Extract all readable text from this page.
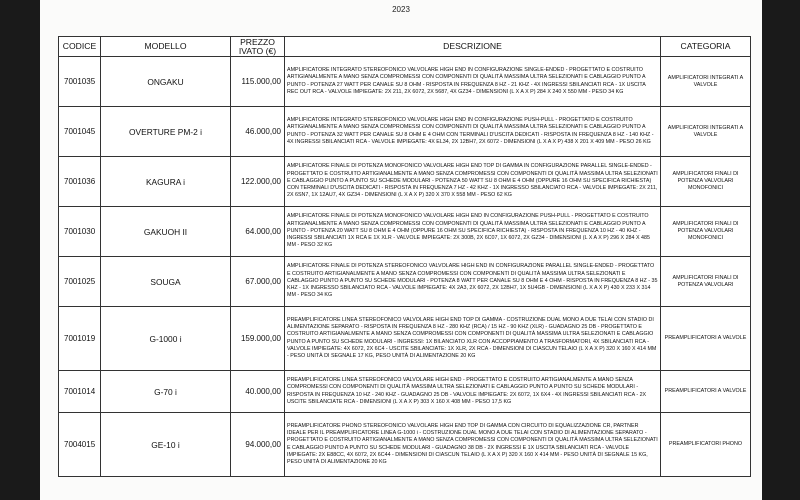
2023
CODICE	MODELLO	PREZZO IVATO (€)	DESCRIZIONE	CATEGORIA
7001035	ONGAKU	115.000,00	AMPLIFICATORE INTEGRATO STEREOFONICO VALVOLARE HIGH END IN CONFIGURAZIONE SINGLE-ENDED - PROGETTATO E COSTRUITO ARTIGIANALMENTE A MANO SENZA COMPROMESSI CON COMPONENTI DI QUALITÀ MASSIMA ULTRA SELEZIONATI E CABLAGGIO PUNTO A PUNTO - POTENZA 27 WATT PER CANALE SU 8 OHM - RISPOSTA IN FREQUENZA 8 HZ - 21 KHZ - 4X INGRESSI SBILANCIATI RCA - 1X USCITA REC OUT RCA - VALVOLE IMPIEGATE: 2X 211, 2X 6072, 2X 5687, 4X GZ34 - DIMENSIONI (L X A X P) 284 X 240 X 550 MM - PESO 34 KG	AMPLIFICATORI INTEGRATI A VALVOLE
7001045	OVERTURE PM-2 i	46.000,00	AMPLIFICATORE INTEGRATO STEREOFONICO VALVOLARE HIGH END IN CONFIGURAZIONE PUSH-PULL - PROGETTATO E COSTRUITO ARTIGIANALMENTE A MANO SENZA COMPROMESSI CON COMPONENTI DI QUALITÀ MASSIMA ULTRA SELEZIONATI E CABLAGGIO PUNTO A PUNTO - POTENZA 32 WATT PER CANALE SU 8 OHM E 4 OHM CON TERMINALI D'USCITA DEDICATI - RISPOSTA IN FREQUENZA 8 HZ - 140 KHZ - 4X INGRESSI SBILANCIATI RCA - VALVOLE IMPIEGATE: 4X EL34, 2X 12BH7, 2X 6072 - DIMENSIONI (L X A X P) 438 X 201 X 409 MM - PESO 26 KG	AMPLIFICATORI INTEGRATI A VALVOLE
7001036	KAGURA i	122.000,00	AMPLIFICATORE FINALE DI POTENZA MONOFONICO VALVOLARE HIGH END TOP DI GAMMA IN CONFIGURAZIONE PARALLEL SINGLE-ENDED - PROGETTATO E COSTRUITO ARTIGIANALMENTE A MANO SENZA COMPROMESSI CON COMPONENTI DI QUALITÀ MASSIMA ULTRA SELEZIONATI E CABLAGGIO PUNTO A PUNTO SU SCHEDE MODULARI - POTENZA 50 WATT SU 8 OHM E 4 OHM (OPPURE 16 OHM SU SPECIFICA RICHIESTA) CON TERMINALI D'USCITA DEDICATI - RISPOSTA IN FREQUENZA 7 HZ - 42 KHZ - 1X INGRESSO SBILANCIATO RCA - VALVOLE IMPIEGATE: 2X 211, 2X 6SN7, 1X 12AU7, 4X GZ34 - DIMENSIONI (L X A X P) 320 X 370 X 558 MM - PESO 62 KG	AMPLIFICATORI FINALI DI POTENZA VALVOLARI MONOFONICI
7001030	GAKUOH II	64.000,00	AMPLIFICATORE FINALE DI POTENZA MONOFONICO VALVOLARE HIGH END IN CONFIGURAZIONE PUSH-PULL - PROGETTATO E COSTRUITO ARTIGIANALMENTE A MANO SENZA COMPROMESSI CON COMPONENTI DI QUALITÀ MASSIMA ULTRA SELEZIONATI E CABLAGGIO PUNTO A PUNTO - POTENZA 20 WATT SU 8 OHM E 4 OHM (OPPURE 16 OHM SU SPECIFICA RICHIESTA) - RISPOSTA IN FREQUENZA 10 HZ - 40 KHZ - INGRESSI SBILANCIATI 1X RCA E 1X XLR - VALVOLE IMPIEGATE: 2X 300B, 2X 6C07, 1X 6072, 2X GZ34 - DIMENSIONI (L X A X P) 296 X 284 X 485 MM - PESO 32 KG	AMPLIFICATORI FINALI DI POTENZA VALVOLARI MONOFONICI
7001025	SOUGA	67.000,00	AMPLIFICATORE FINALE DI POTENZA STEREOFONICO VALVOLARE HIGH END IN CONFIGURAZIONE PARALLEL SINGLE-ENDED - PROGETTATO E COSTRUITO ARTIGIANALMENTE A MANO SENZA COMPROMESSI CON COMPONENTI DI QUALITÀ MASSIMA ULTRA SELEZIONATI E CABLAGGIO PUNTO A PUNTO SU SCHEDE MODULARI - POTENZA 8 WATT PER CANALE SU 8 OHM E 4 OHM - RISPOSTA IN FREQUENZA 8 HZ - 35 KHZ - 1X INGRESSO SBILANCIATO RCA - VALVOLE IMPIEGATE: 4X 2A3, 2X 6072, 2X 12BH7, 1X 5U4GB - DIMENSIONI (L X A X P) 430 X 233 X 314 MM - PESO 34 KG	AMPLIFICATORI FINALI DI POTENZA VALVOLARI
7001019	G-1000 i	159.000,00	PREAMPLIFICATORE LINEA STEREOFONICO VALVOLARE HIGH END TOP DI GAMMA - COSTRUZIONE DUAL MONO A DUE TELAI CON STADIO DI ALIMENTAZIONE SEPARATO - RISPOSTA IN FREQUENZA 8 HZ - 280 KHZ (RCA) / 15 HZ - 90 KHZ (XLR) - GUADAGNO 25 DB - PROGETTATO E COSTRUITO ARTIGIANALMENTE A MANO SENZA COMPROMESSI CON COMPONENTI DI QUALITÀ MASSIMA ULTRA SELEZIONATI E CABLAGGIO PUNTO A PUNTO SU SCHEDE MODULARI - INGRESSI: 1X BILANCIATO XLR CON ACCOPPIAMENTO A TRASFORMATORI, 4X SBILANCIATI RCA - VALVOLE IMPIEGATE: 4X 6072, 2X 6C4 - USCITE SBILANCIATE: 1X XLR, 2X RCA - DIMENSIONI DI CIASCUN TELAIO (L X A X P) 320 X 160 X 414 MM - PESO UNITÀ DI SEGNALE 17 KG, PESO UNITÀ DI ALIMENTAZIONE 20 KG	PREAMPLIFICATORI A VALVOLE
7001014	G-70 i	40.000,00	PREAMPLIFICATORE LINEA STEREOFONICO VALVOLARE HIGH END - PROGETTATO E COSTRUITO ARTIGIANALMENTE A MANO SENZA COMPROMESSI CON COMPONENTI DI QUALITÀ MASSIMA ULTRA SELEZIONATI E CABLAGGIO PUNTO A PUNTO SU SCHEDE MODULARI - RISPOSTA IN FREQUENZA 10 HZ - 240 KHZ - GUADAGNO 25 DB - VALVOLE IMPIEGATE: 2X 6072, 1X 6X4 - 4X INGRESSI SBILANCIATI RCA - 2X USCITE SBILANCIATE RCA - DIMENSIONI (L X A X P) 303 X 160 X 408 MM - PESO 17,5 KG	PREAMPLIFICATORI A VALVOLE
7004015	GE-10 i	94.000,00	PREAMPLIFICATORE PHONO STEREOFONICO VALVOLARE HIGH END TOP DI GAMMA CON CIRCUITO DI EQUALIZZAZIONE CR, PARTNER IDEALE PER IL PREAMPLIFICATORE LINEA G-1000 i - COSTRUZIONE DUAL MONO A DUE TELAI CON STADIO DI ALIMENTAZIONE SEPARATO - PROGETTATO E COSTRUITO ARTIGIANALMENTE A MANO SENZA COMPROMESSI CON COMPONENTI DI QUALITÀ MASSIMA ULTRA SELEZIONATI E CABLAGGIO PUNTO A PUNTO SU SCHEDE MODULARI - GUADAGNO 38 DB - 2X INGRESSI E 1X USCITA SBILANCIATI RCA - VALVOLE IMPIEGATE: 2X E88CC, 4X 6072, 2X 6C44 - DIMENSIONI DI CIASCUN TELAIO (L X A X P) 320 X 160 X 414 MM - PESO UNITÀ DI SEGNALE 15 KG, PESO UNITÀ DI ALIMENTAZIONE 20 KG	PREAMPLIFICATORI PHONO
